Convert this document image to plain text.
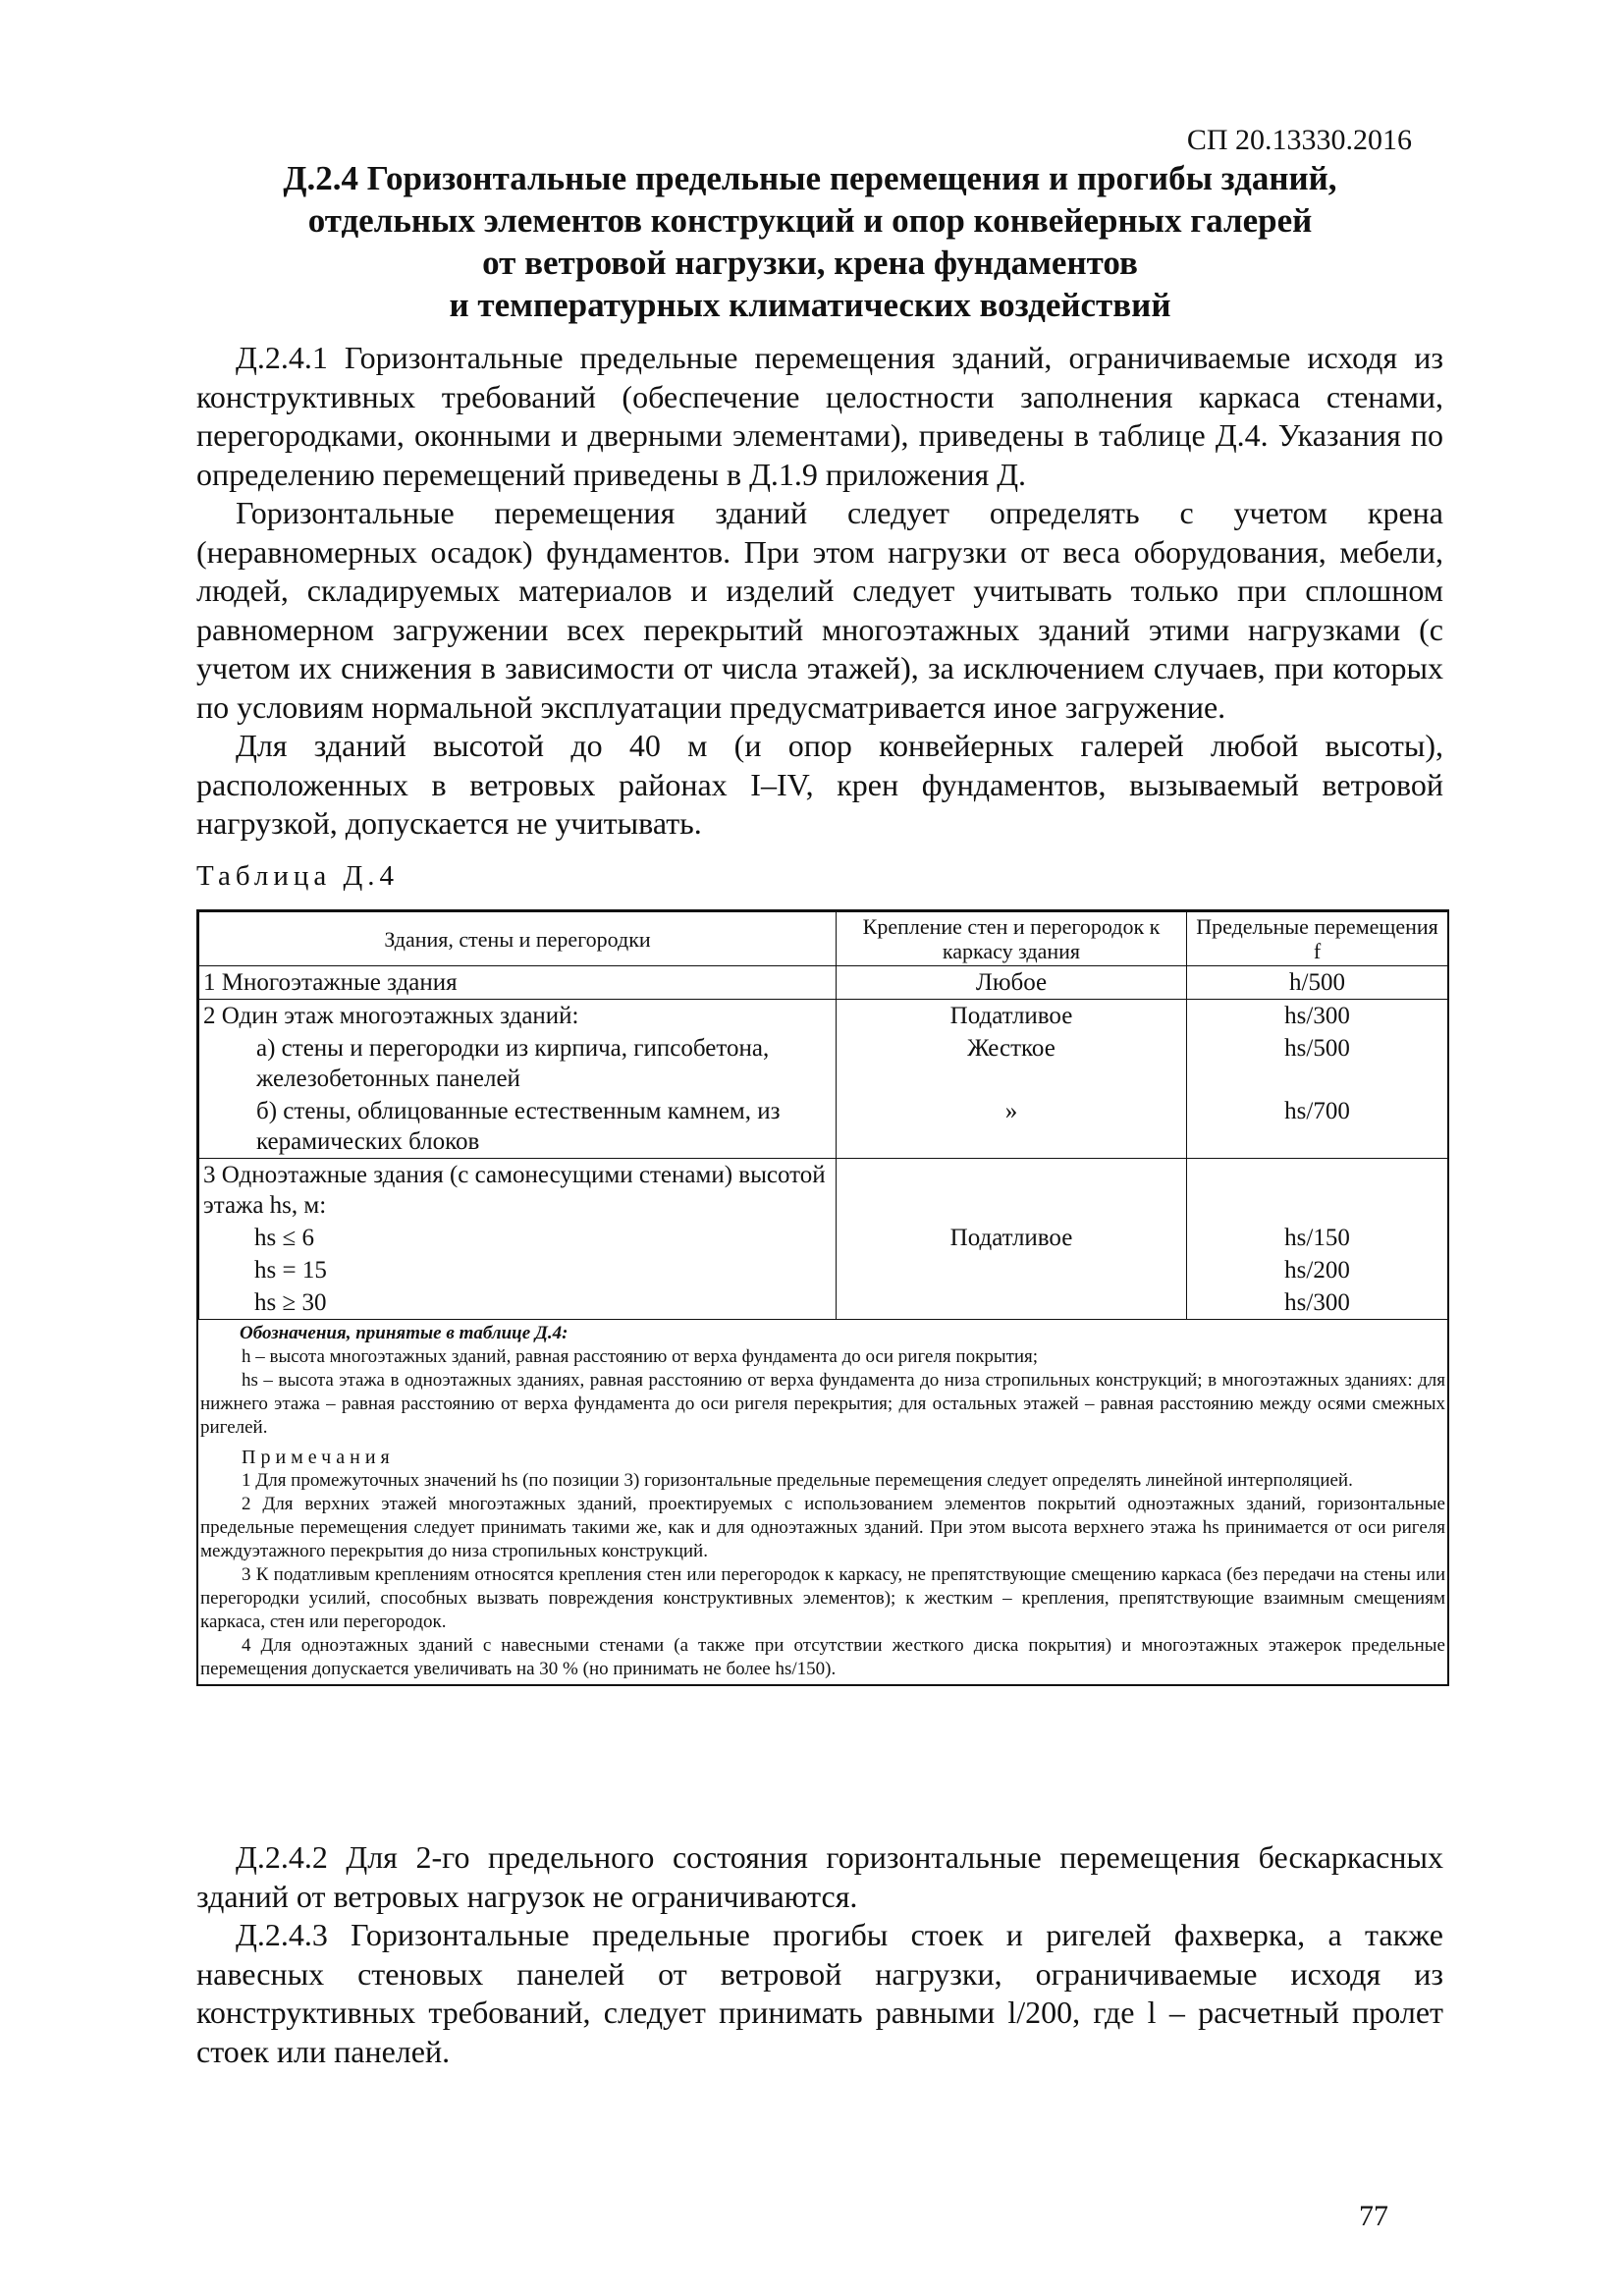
СП 20.13330.2016
Д.2.4 Горизонтальные предельные перемещения и прогибы зданий,
отдельных элементов конструкций и опор конвейерных галерей
от ветровой нагрузки, крена фундаментов
и температурных климатических воздействий

Д.2.4.1 Горизонтальные предельные перемещения зданий, ограничиваемые исходя из конструктивных требований (обеспечение целостности заполнения каркаса стенами, перегородками, оконными и дверными элементами), приведены в таблице Д.4. Указания по определению перемещений приведены в Д.1.9 приложения Д.

Горизонтальные перемещения зданий следует определять с учетом крена (неравномерных осадок) фундаментов. При этом нагрузки от веса оборудования, мебели, людей, складируемых материалов и изделий следует учитывать только при сплошном равномерном загружении всех перекрытий многоэтажных зданий этими нагрузками (с учетом их снижения в зависимости от числа этажей), за исключением случаев, при которых по условиям нормальной эксплуатации предусматривается иное загружение.

Для зданий высотой до 40 м (и опор конвейерных галерей любой высоты), расположенных в ветровых районах I–IV, крен фундаментов, вызываемый ветровой нагрузкой, допускается не учитывать.

Таблица Д.4
Здания, стены и перегородки	Крепление стен и перегородок к каркасу здания	Предельные перемещения f
1 Многоэтажные здания	Любое	h/500
2 Один этаж многоэтажных зданий:	Податливое	hs/300

а) стены и перегородки из кирпича, гипсобетона, железобетонных панелей	Жесткое	hs/500

б) стены, облицованные естественным камнем, из керамических блоков	»	hs/700
3 Одноэтажные здания (с самонесущими стенами) высотой этажа hs, м:		

hs ≤ 6	Податливое	hs/150

hs = 15		hs/200

hs ≥ 30		hs/300

Обозначения, принятые в таблице Д.4:

h – высота многоэтажных зданий, равная расстоянию от верха фундамента до оси ригеля покрытия;

hs – высота этажа в одноэтажных зданиях, равная расстоянию от верха фундамента до низа стропильных конструкций; в многоэтажных зданиях: для нижнего этажа – равная расстоянию от верха фундамента до оси ригеля перекрытия; для остальных этажей – равная расстоянию между осями смежных ригелей.

Примечания

1 Для промежуточных значений hs (по позиции 3) горизонтальные предельные перемещения следует определять линейной интерполяцией.

2 Для верхних этажей многоэтажных зданий, проектируемых с использованием элементов покрытий одноэтажных зданий, горизонтальные предельные перемещения следует принимать такими же, как и для одноэтажных зданий. При этом высота верхнего этажа hs принимается от оси ригеля междуэтажного перекрытия до низа стропильных конструкций.

3 К податливым креплениям относятся крепления стен или перегородок к каркасу, не препятствующие смещению каркаса (без передачи на стены или перегородки усилий, способных вызвать повреждения конструктивных элементов); к жестким – крепления, препятствующие взаимным смещениям каркаса, стен или перегородок.

4 Для одноэтажных зданий с навесными стенами (а также при отсутствии жесткого диска покрытия) и многоэтажных этажерок предельные перемещения допускается увеличивать на 30 % (но принимать не более hs/150).

Д.2.4.2 Для 2-го предельного состояния горизонтальные перемещения бескаркасных зданий от ветровых нагрузок не ограничиваются.

Д.2.4.3 Горизонтальные предельные прогибы стоек и ригелей фахверка, а также навесных стеновых панелей от ветровой нагрузки, ограничиваемые исходя из конструктивных требований, следует принимать равными l/200, где l – расчетный пролет стоек или панелей.

77
